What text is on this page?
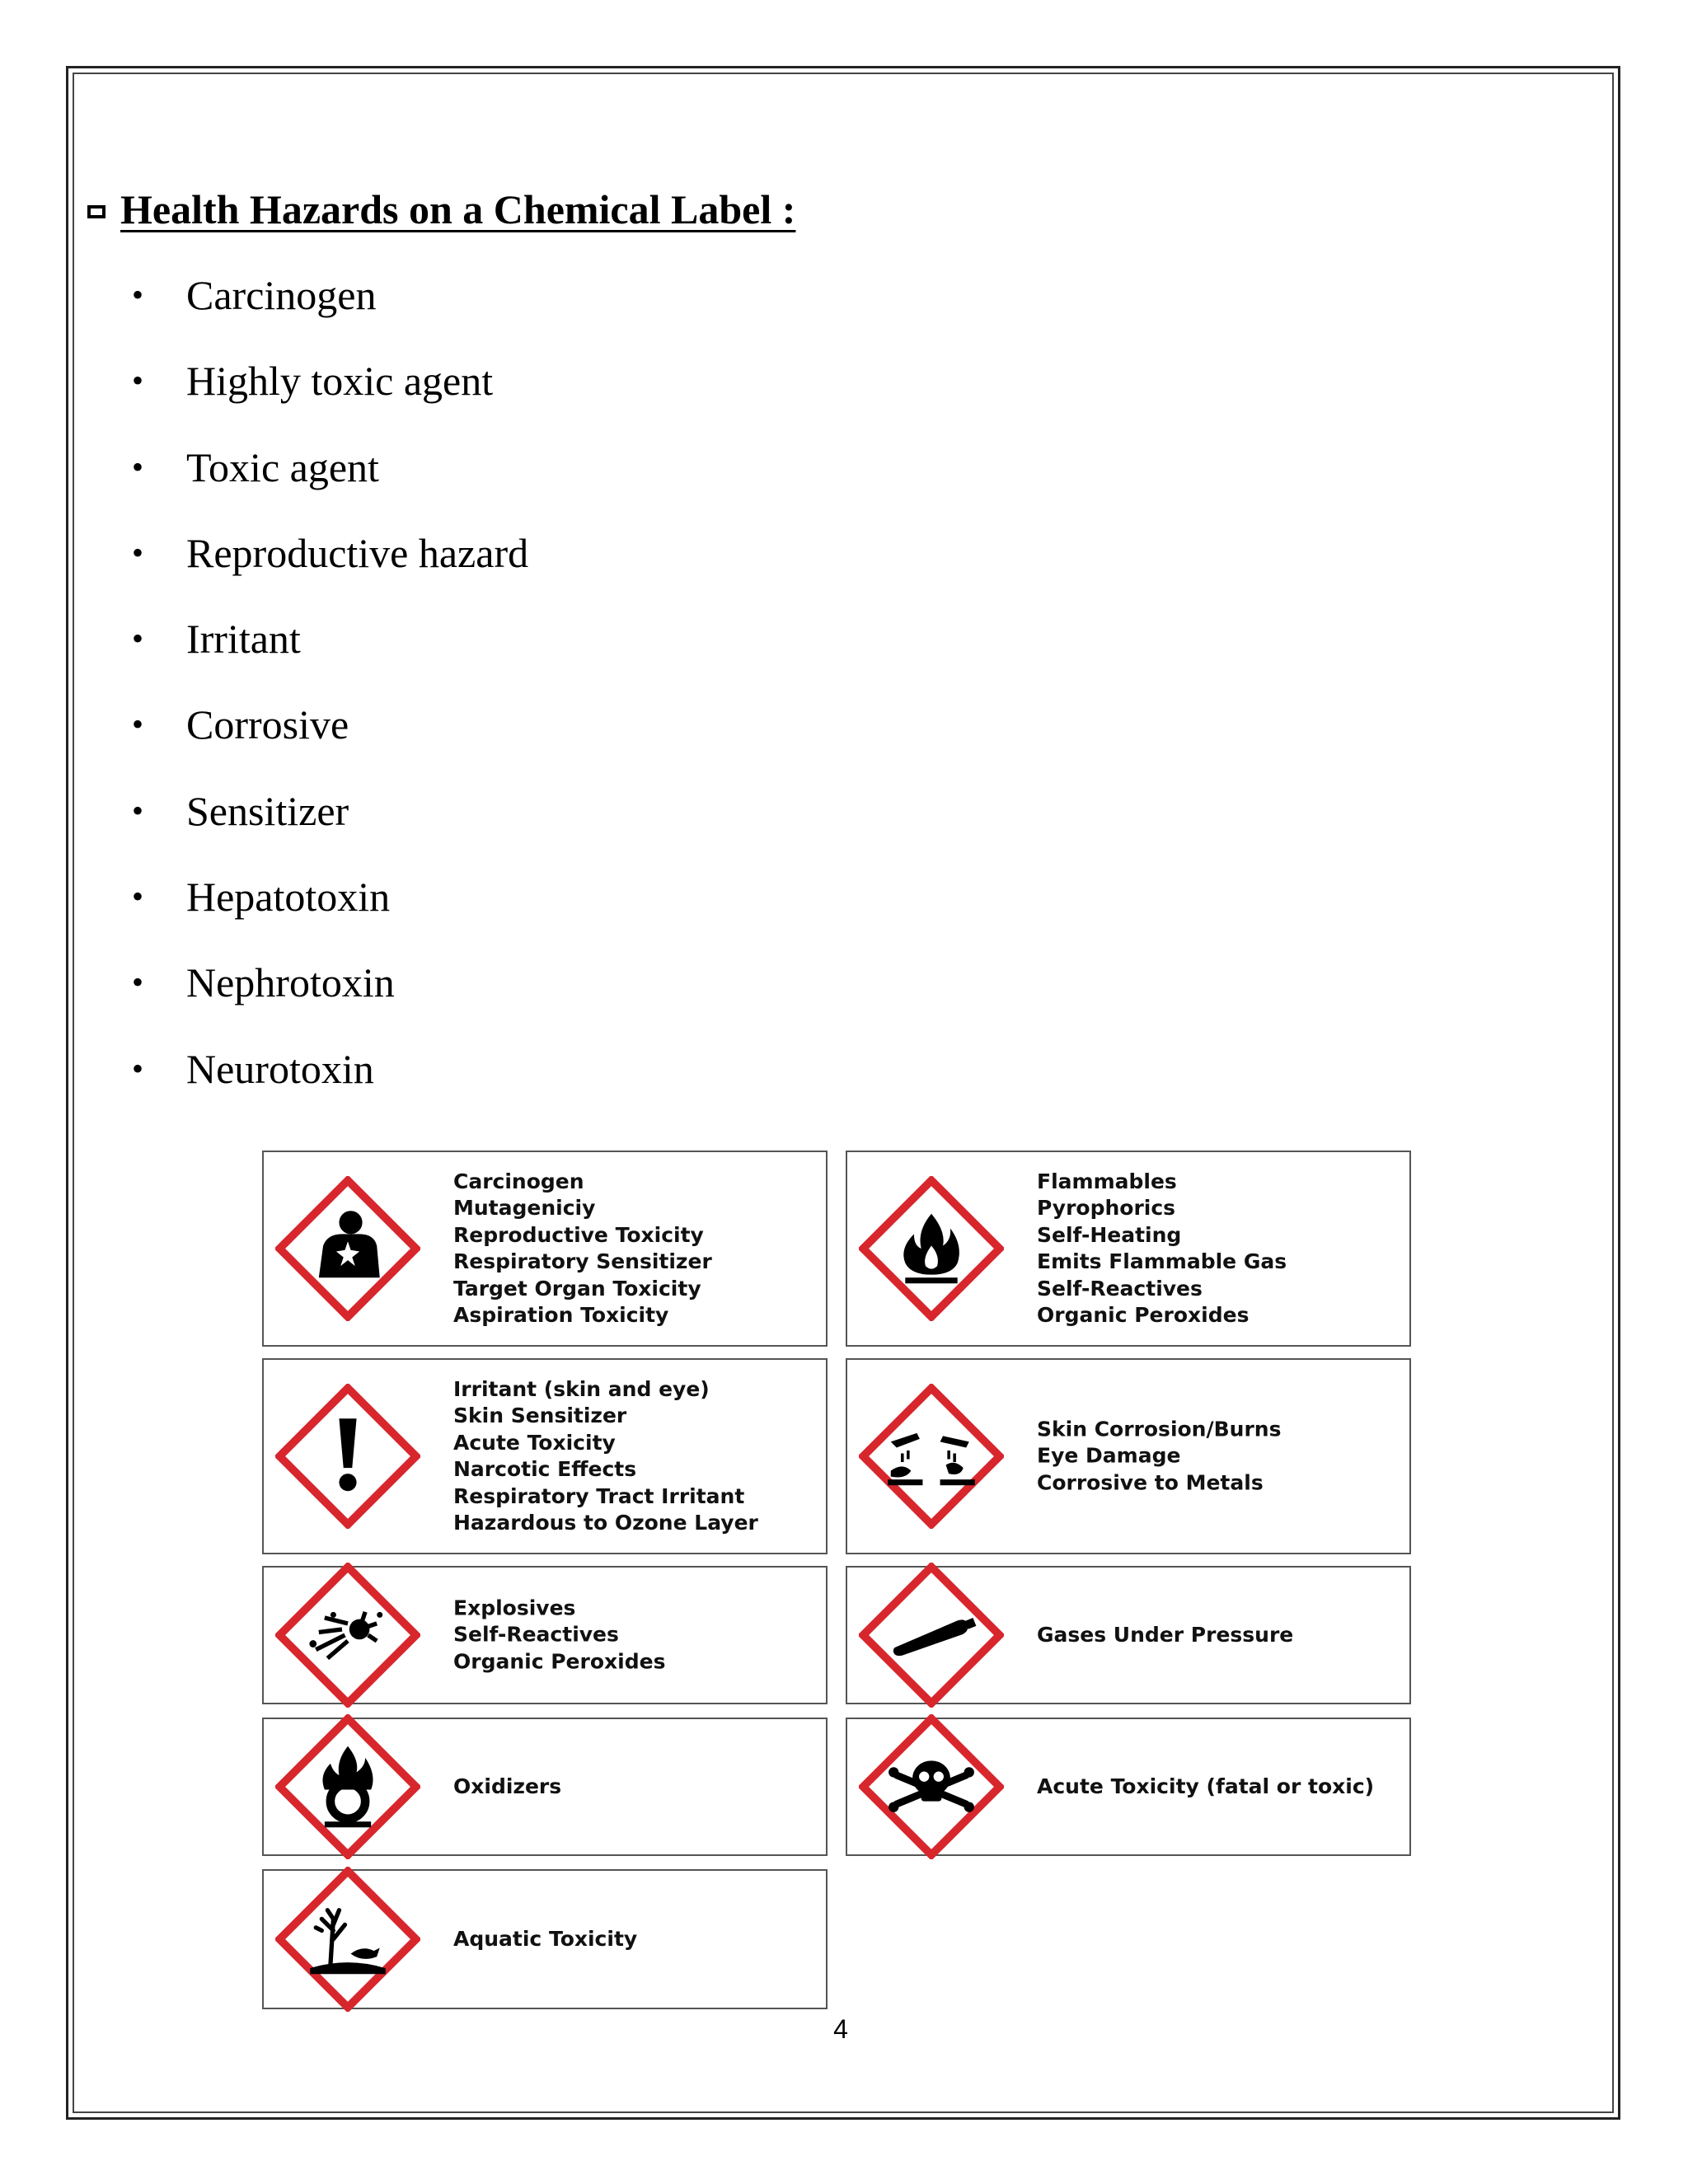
Health Hazards on a Chemical Label :
• Carcinogen
• Highly toxic agent
• Toxic agent
• Reproductive hazard
• Irritant
• Corrosive
• Sensitizer
• Hepatotoxin
• Nephrotoxin
• Neurotoxin
Carcinogen
Mutageniciy
Reproductive Toxicity
Respiratory Sensitizer
Target Organ Toxicity
Aspiration Toxicity
Flammables
Pyrophorics
Self-Heating
Emits Flammable Gas
Self-Reactives
Organic Peroxides
Irritant (skin and eye)
Skin Sensitizer
Acute Toxicity
Narcotic Effects
Respiratory Tract Irritant
Hazardous to Ozone Layer
Skin Corrosion/Burns
Eye Damage
Corrosive to Metals
Explosives
Self-Reactives
Organic Peroxides
Gases Under Pressure
Oxidizers	Acute Toxicity (fatal or toxic)
Aquatic Toxicity
4
